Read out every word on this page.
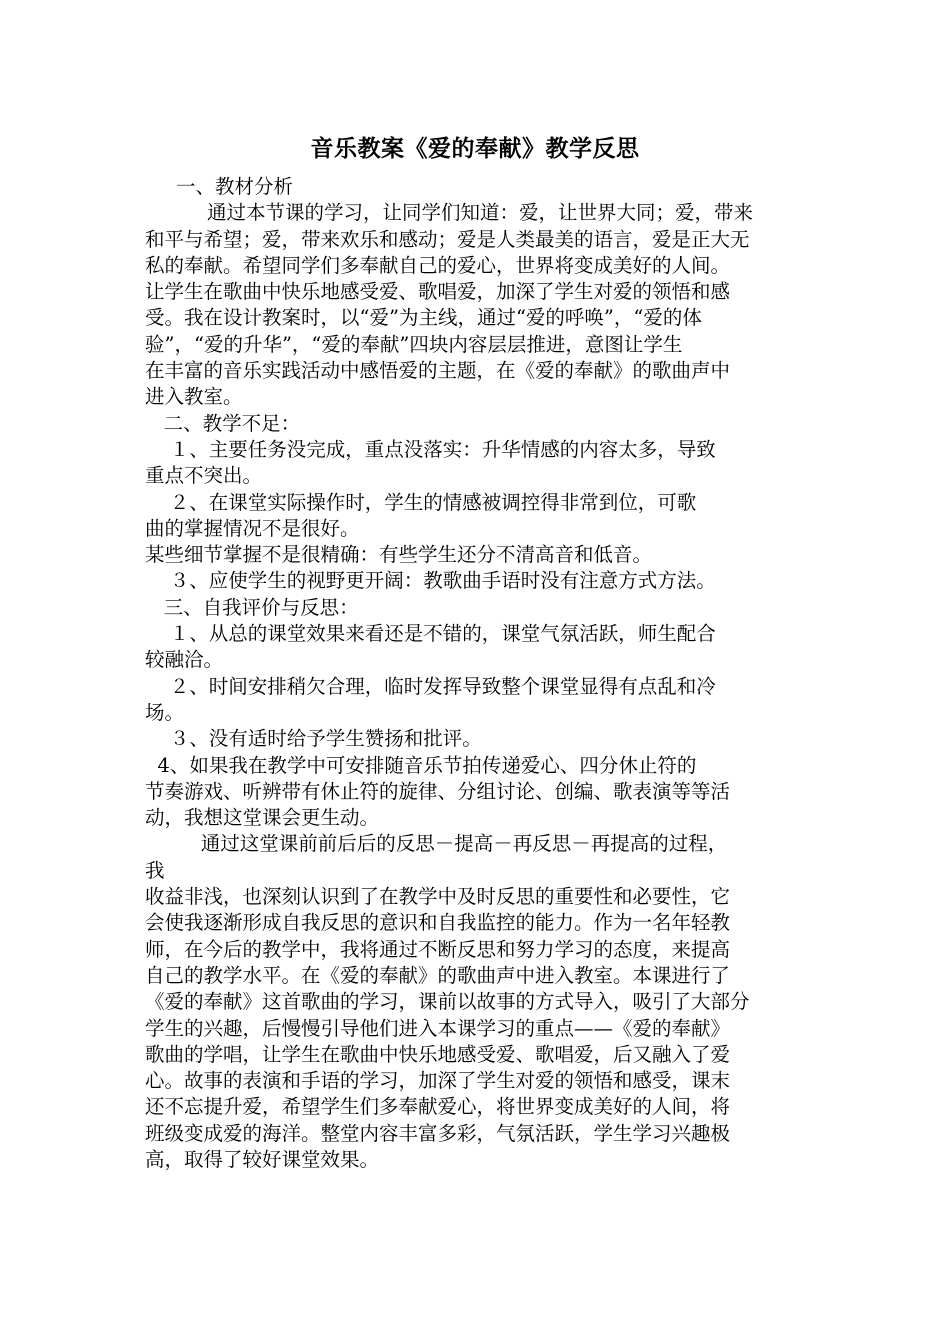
音乐教案《爱的奉献》教学反思
一、教材分析
通过本节课的学习，让同学们知道：爱，让世界大同；爱，带来
和平与希望；爱，带来欢乐和感动；爱是人类最美的语言，爱是正大无
私的奉献。希望同学们多奉献自己的爱心，世界将变成美好的人间。
让学生在歌曲中快乐地感受爱、歌唱爱，加深了学生对爱的领悟和感
受。我在设计教案时，以“爱”为主线，通过“爱的呼唤”，“爱的体
验”，“爱的升华”，“爱的奉献”四块内容层层推进，意图让学生
在丰富的音乐实践活动中感悟爱的主题，在《爱的奉献》的歌曲声中
进入教室。
二、教学不足：
１、主要任务没完成，重点没落实：升华情感的内容太多，导致
重点不突出。
２、在课堂实际操作时，学生的情感被调控得非常到位，可歌
曲的掌握情况不是很好。
某些细节掌握不是很精确：有些学生还分不清高音和低音。
３、应使学生的视野更开阔：教歌曲手语时没有注意方式方法。
三、自我评价与反思：
１、从总的课堂效果来看还是不错的，课堂气氛活跃，师生配合
较融洽。
２、时间安排稍欠合理，临时发挥导致整个课堂显得有点乱和冷
场。
３、没有适时给予学生赞扬和批评。
4、如果我在教学中可安排随音乐节拍传递爱心、四分休止符的
节奏游戏、听辨带有休止符的旋律、分组讨论、创编、歌表演等等活
动，我想这堂课会更生动。
通过这堂课前前后后的反思－提高－再反思－再提高的过程，
我
收益非浅，也深刻认识到了在教学中及时反思的重要性和必要性，它
会使我逐渐形成自我反思的意识和自我监控的能力。作为一名年轻教
师，在今后的教学中，我将通过不断反思和努力学习的态度，来提高
自己的教学水平。在《爱的奉献》的歌曲声中进入教室。本课进行了
《爱的奉献》这首歌曲的学习，课前以故事的方式导入，吸引了大部分
学生的兴趣，后慢慢引导他们进入本课学习的重点——《爱的奉献》
歌曲的学唱，让学生在歌曲中快乐地感受爱、歌唱爱，后又融入了爱
心。故事的表演和手语的学习，加深了学生对爱的领悟和感受，课末
还不忘提升爱，希望学生们多奉献爱心，将世界变成美好的人间，将
班级变成爱的海洋。整堂内容丰富多彩，气氛活跃，学生学习兴趣极
高，取得了较好课堂效果。
